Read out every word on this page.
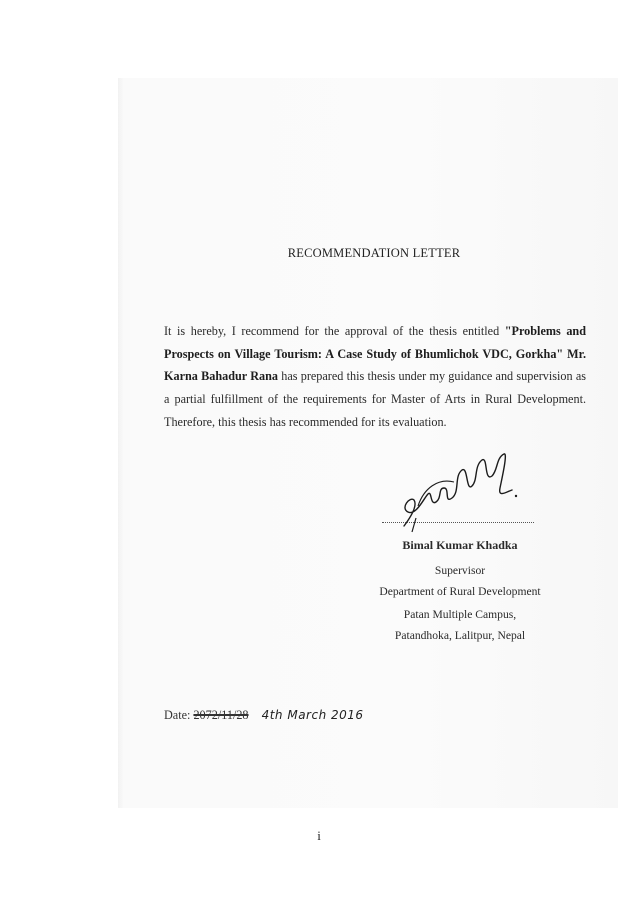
RECOMMENDATION LETTER
It is hereby, I recommend for the approval of the thesis entitled "Problems and Prospects on Village Tourism: A Case Study of Bhumlichok VDC, Gorkha" Mr. Karna Bahadur Rana has prepared this thesis under my guidance and supervision as a partial fulfillment of the requirements for Master of Arts in Rural Development. Therefore, this thesis has recommended for its evaluation.
Bimal Kumar Khadka
Supervisor
Department of Rural Development
Patan Multiple Campus,
Patandhoka, Lalitpur, Nepal
Date: 2072/11/28 4th March 2016
i
